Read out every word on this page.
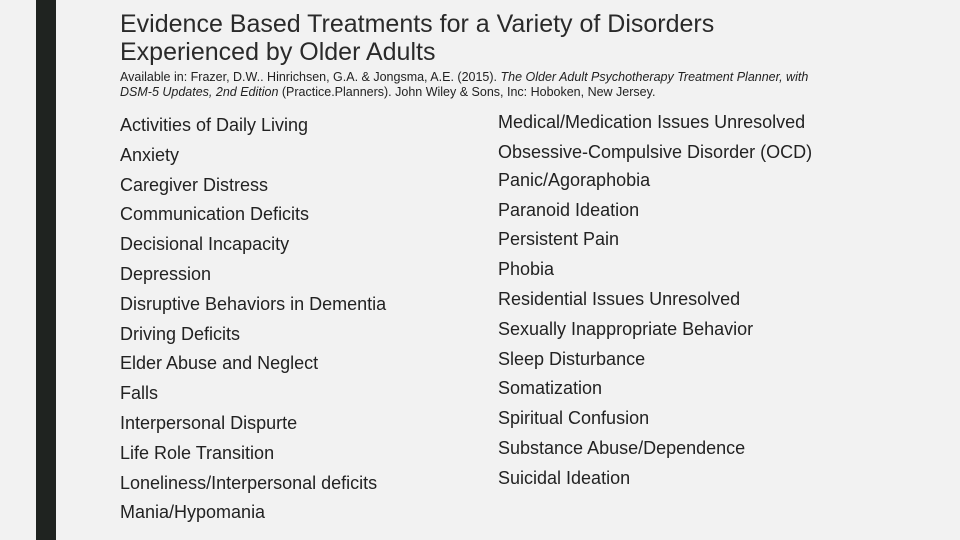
Evidence Based Treatments for a Variety of Disorders
Experienced by Older Adults
Available in: Frazer, D.W.. Hinrichsen, G.A. & Jongsma, A.E. (2015). The Older Adult Psychotherapy Treatment Planner, with
DSM-5 Updates, 2nd Edition (Practice.Planners). John Wiley & Sons, Inc: Hoboken, New Jersey.
Activities of Daily Living
Anxiety
Caregiver Distress
Communication Deficits
Decisional Incapacity
Depression
Disruptive Behaviors in Dementia
Driving Deficits
Elder Abuse and Neglect
Falls
Interpersonal Dispurte
Life Role Transition
Loneliness/Interpersonal deficits
Mania/Hypomania
Medical/Medication Issues Unresolved
Obsessive-Compulsive Disorder (OCD)
Panic/Agoraphobia
Paranoid Ideation
Persistent Pain
Phobia
Residential Issues Unresolved
Sexually Inappropriate Behavior
Sleep Disturbance
Somatization
Spiritual Confusion
Substance Abuse/Dependence
Suicidal Ideation
